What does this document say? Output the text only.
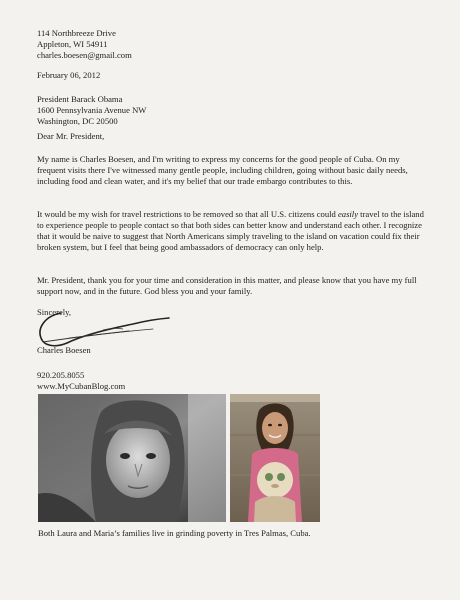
114 Northbreeze Drive
Appleton, WI 54911
charles.boesen@gmail.com
February 06, 2012
President Barack Obama
1600 Pennsylvania Avenue NW
Washington, DC 20500
Dear Mr. President,

My name is Charles Boesen, and I'm writing to express my concerns for the good people of Cuba. On my frequent visits there I've witnessed many gentle people, including children, going without basic daily needs, including food and clean water, and it's my belief that our trade embargo contributes to this.

It would be my wish for travel restrictions to be removed so that all U.S. citizens could easily travel to the island to experience people to people contact so that both sides can better know and understand each other. I recognize that it would be naive to suggest that North Americans simply traveling to the island on vacation could fix their broken system, but I feel that being good ambassadors of democracy can only help.

Mr. President, thank you for your time and consideration in this matter, and please know that you have my full support now, and in the future. God bless you and your family.

Sincerely,
Charles Boesen
920.205.8055
www.MyCubanBlog.com
Both Laura and Maria’s families live in grinding poverty in Tres Palmas, Cuba.
